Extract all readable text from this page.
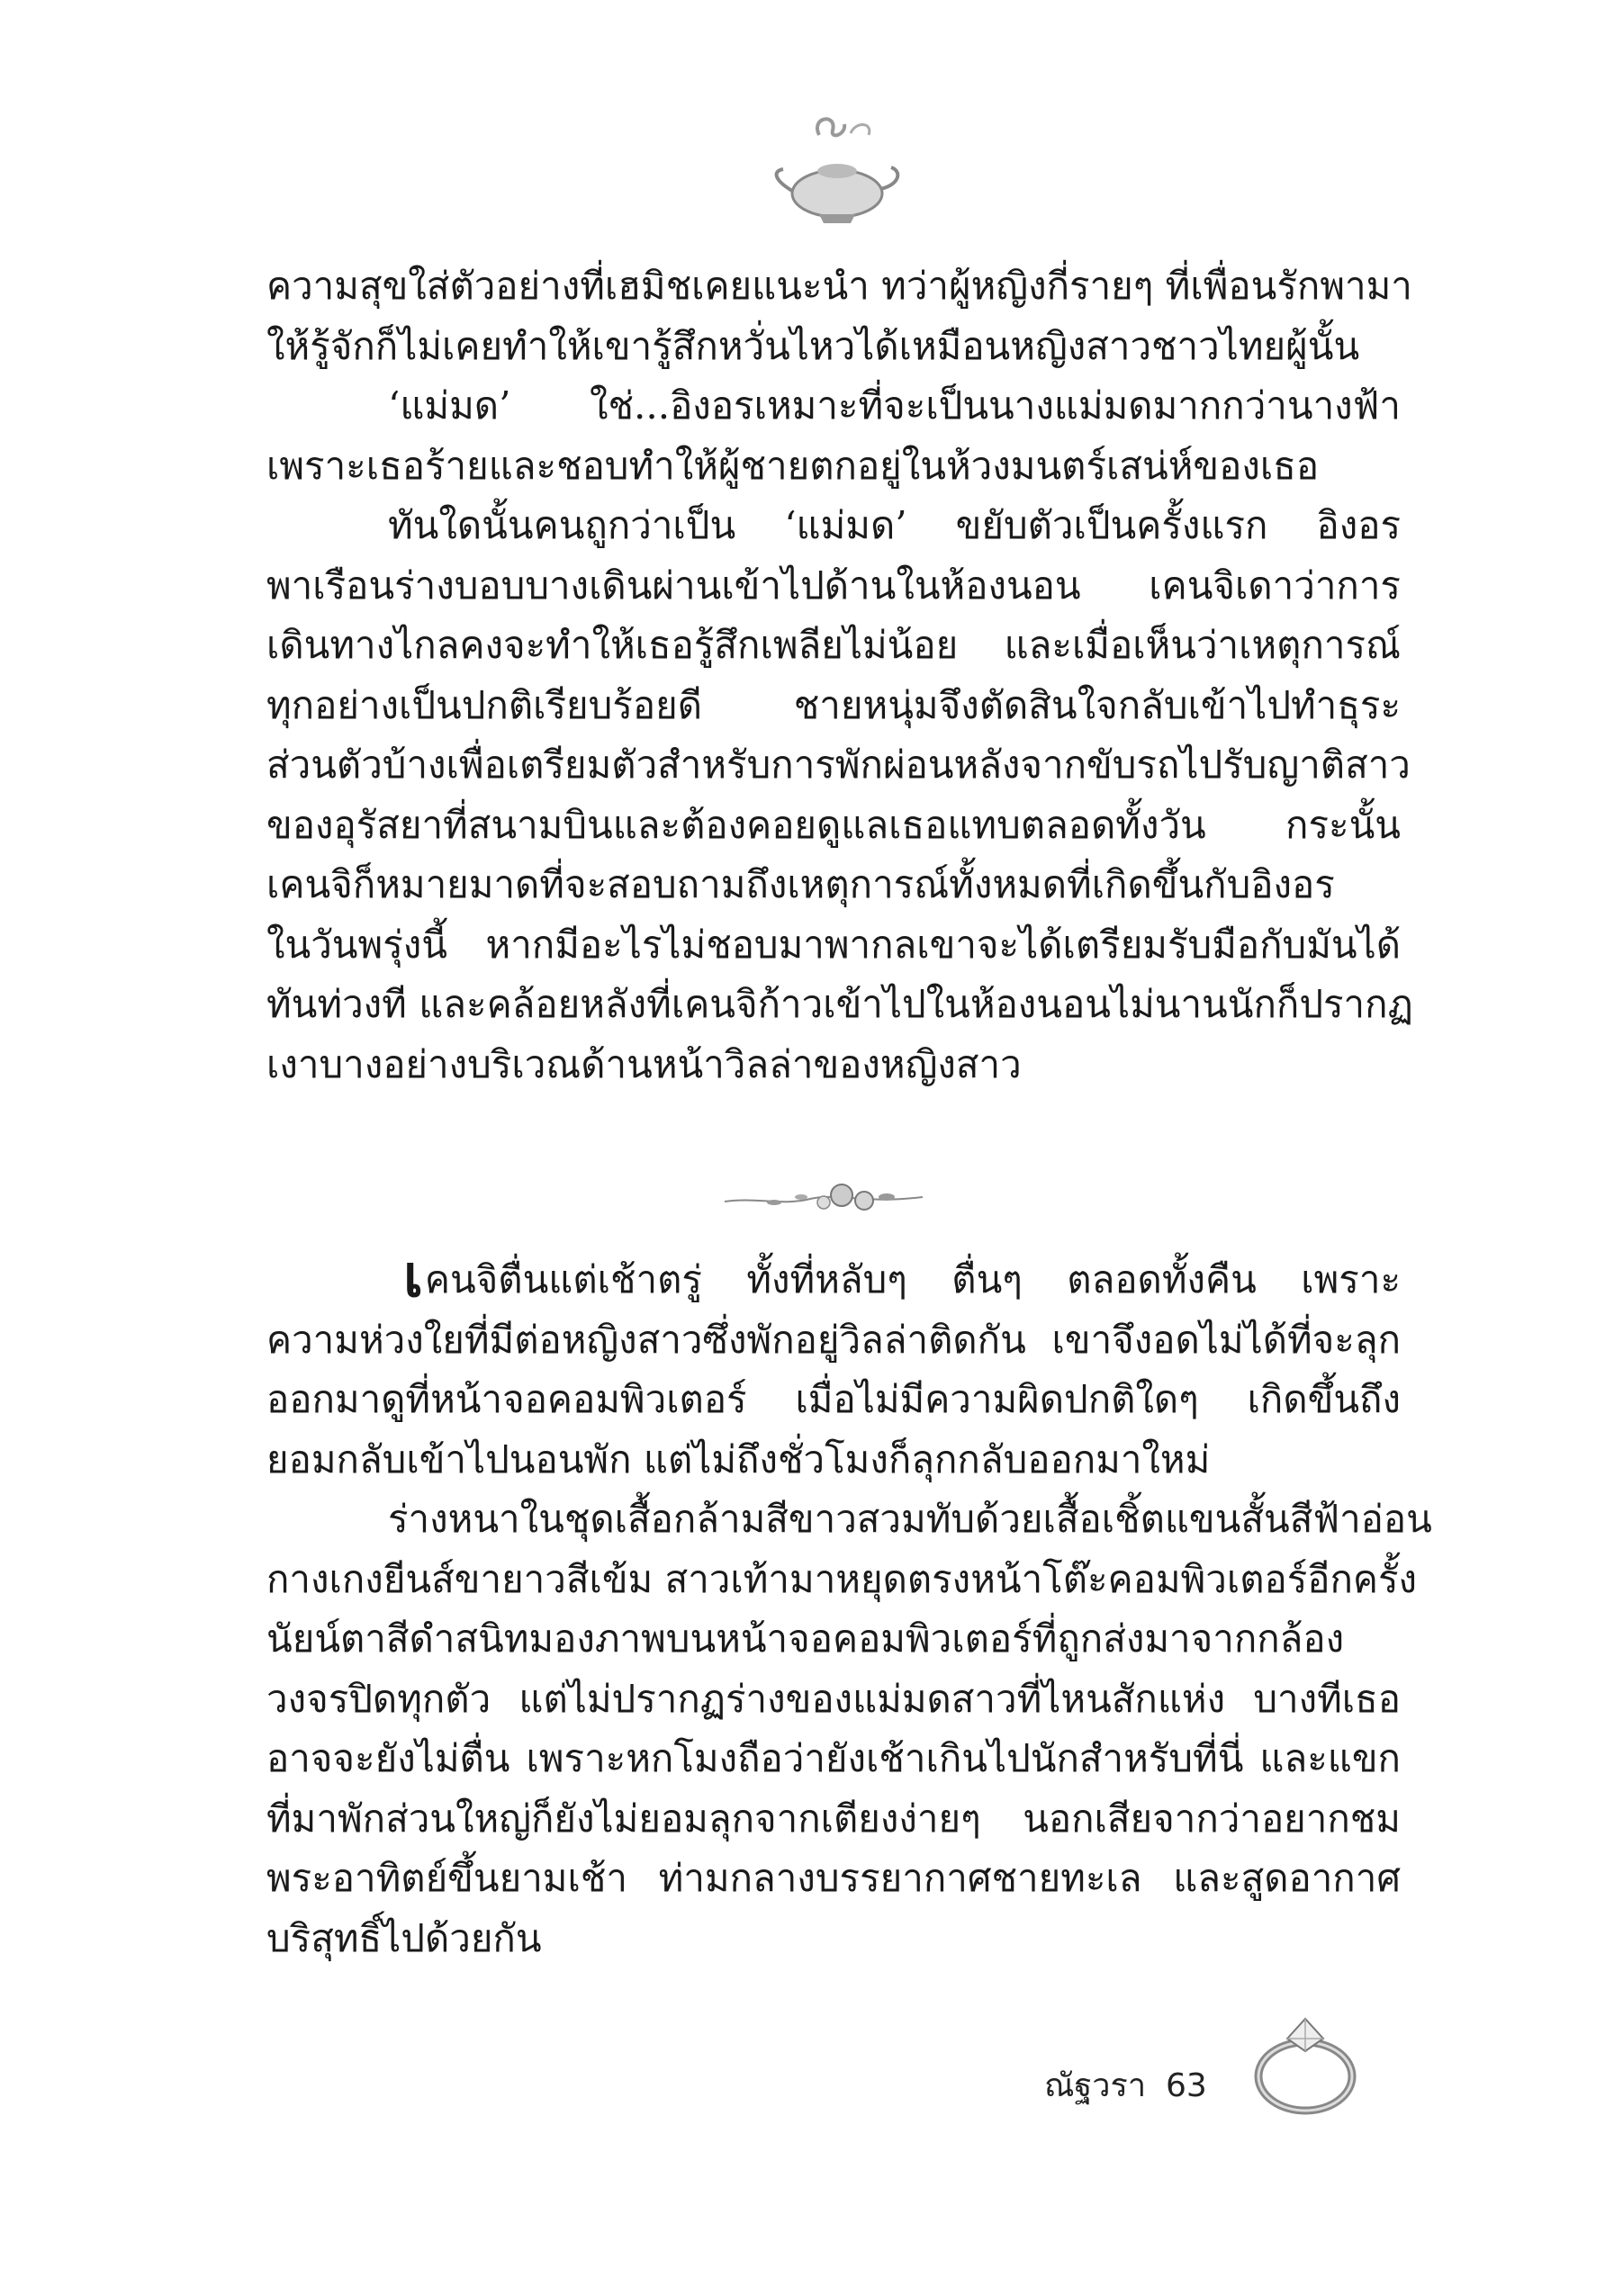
ความสุขใส่ตัวอย่างที่เฮมิชเคยแนะนำ ทว่าผู้หญิงกี่รายๆ ที่เพื่อนรักพามา
ให้รู้จักก็ไม่เคยทำให้เขารู้สึกหวั่นไหวได้เหมือนหญิงสาวชาวไทยผู้นั้น
‘แม่มด’ ใช่...อิงอรเหมาะที่จะเป็นนางแม่มดมากกว่านางฟ้า
เพราะเธอร้ายและชอบทำให้ผู้ชายตกอยู่ในห้วงมนตร์เสน่ห์ของเธอ
ทันใดนั้นคนถูกว่าเป็น ‘แม่มด’ ขยับตัวเป็นครั้งแรก อิงอร
พาเรือนร่างบอบบางเดินผ่านเข้าไปด้านในห้องนอน เคนจิเดาว่าการ
เดินทางไกลคงจะทำให้เธอรู้สึกเพลียไม่น้อย และเมื่อเห็นว่าเหตุการณ์
ทุกอย่างเป็นปกติเรียบร้อยดี ชายหนุ่มจึงตัดสินใจกลับเข้าไปทำธุระ
ส่วนตัวบ้างเพื่อเตรียมตัวสำหรับการพักผ่อนหลังจากขับรถไปรับญาติสาว
ของอุรัสยาที่สนามบินและต้องคอยดูแลเธอแทบตลอดทั้งวัน กระนั้น
เคนจิก็หมายมาดที่จะสอบถามถึงเหตุการณ์ทั้งหมดที่เกิดขึ้นกับอิงอร
ในวันพรุ่งนี้ หากมีอะไรไม่ชอบมาพากลเขาจะได้เตรียมรับมือกับมันได้
ทันท่วงที และคล้อยหลังที่เคนจิก้าวเข้าไปในห้องนอนไม่นานนักก็ปรากฏ
เงาบางอย่างบริเวณด้านหน้าวิลล่าของหญิงสาว
เคนจิตื่นแต่เช้าตรู่ ทั้งที่หลับๆ ตื่นๆ ตลอดทั้งคืน เพราะ
ความห่วงใยที่มีต่อหญิงสาวซึ่งพักอยู่วิลล่าติดกัน เขาจึงอดไม่ได้ที่จะลุก
ออกมาดูที่หน้าจอคอมพิวเตอร์ เมื่อไม่มีความผิดปกติใดๆ เกิดขึ้นถึง
ยอมกลับเข้าไปนอนพัก แต่ไม่ถึงชั่วโมงก็ลุกกลับออกมาใหม่
ร่างหนาในชุดเสื้อกล้ามสีขาวสวมทับด้วยเสื้อเชิ้ตแขนสั้นสีฟ้าอ่อน
กางเกงยีนส์ขายาวสีเข้ม สาวเท้ามาหยุดตรงหน้าโต๊ะคอมพิวเตอร์อีกครั้ง
นัยน์ตาสีดำสนิทมองภาพบนหน้าจอคอมพิวเตอร์ที่ถูกส่งมาจากกล้อง
วงจรปิดทุกตัว แต่ไม่ปรากฏร่างของแม่มดสาวที่ไหนสักแห่ง บางทีเธอ
อาจจะยังไม่ตื่น เพราะหกโมงถือว่ายังเช้าเกินไปนักสำหรับที่นี่ และแขก
ที่มาพักส่วนใหญ่ก็ยังไม่ยอมลุกจากเตียงง่ายๆ นอกเสียจากว่าอยากชม
พระอาทิตย์ขึ้นยามเช้า ท่ามกลางบรรยากาศชายทะเล และสูดอากาศ
บริสุทธิ์ไปด้วยกัน
ณัฐวรา 63
